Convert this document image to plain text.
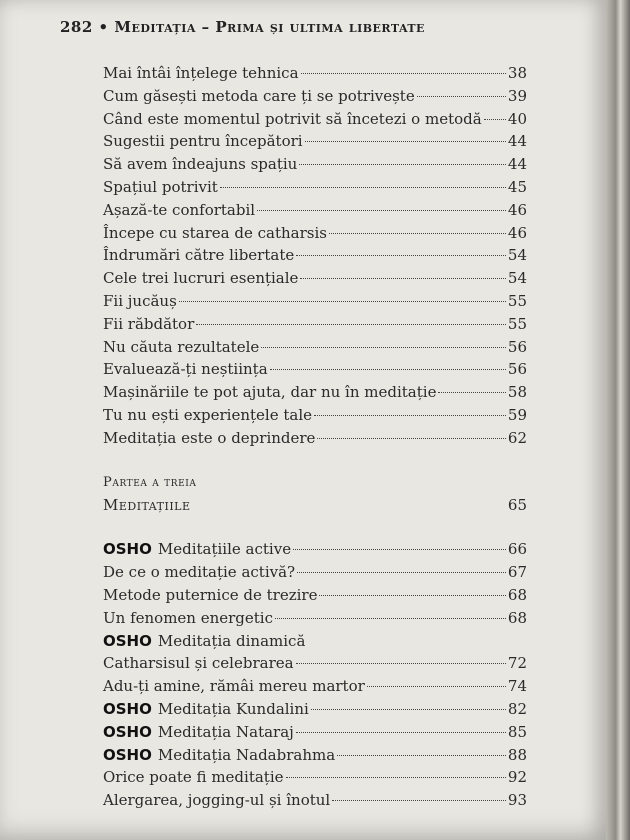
282 • Meditația – Prima și ultima libertate
Mai întâi înțelege tehnica	38
Cum găsești metoda care ți se potrivește	39
Când este momentul potrivit să încetezi o metodă 40
Sugestii pentru începători	44
Să avem îndeajuns spațiu	44
Spațiul potrivit	45
Așază-te confortabil	46
Începe cu starea de catharsis	46
Îndrumări către libertate	54
Cele trei lucruri esențiale	54
Fii jucăuș	55
Fii răbdător	55
Nu căuta rezultatele	56
Evaluează-ți neștiința	56
Mașinăriile te pot ajuta, dar nu în meditație	58
Tu nu ești experiențele tale	59
Meditația este o deprindere	62
Partea a treia
Meditațiile	65
OSHO Meditațiile active	66
De ce o meditație activă?	67
Metode puternice de trezire	68
Un fenomen energetic	68
OSHO Meditația dinamică
Catharsisul și celebrarea	72
Adu-ți amine, rămâi mereu martor	74
OSHO Meditația Kundalini	82
OSHO Meditația Nataraj	85
OSHO Meditația Nadabrahma	88
Orice poate fi meditație	92
Alergarea, jogging-ul și înotul	93
